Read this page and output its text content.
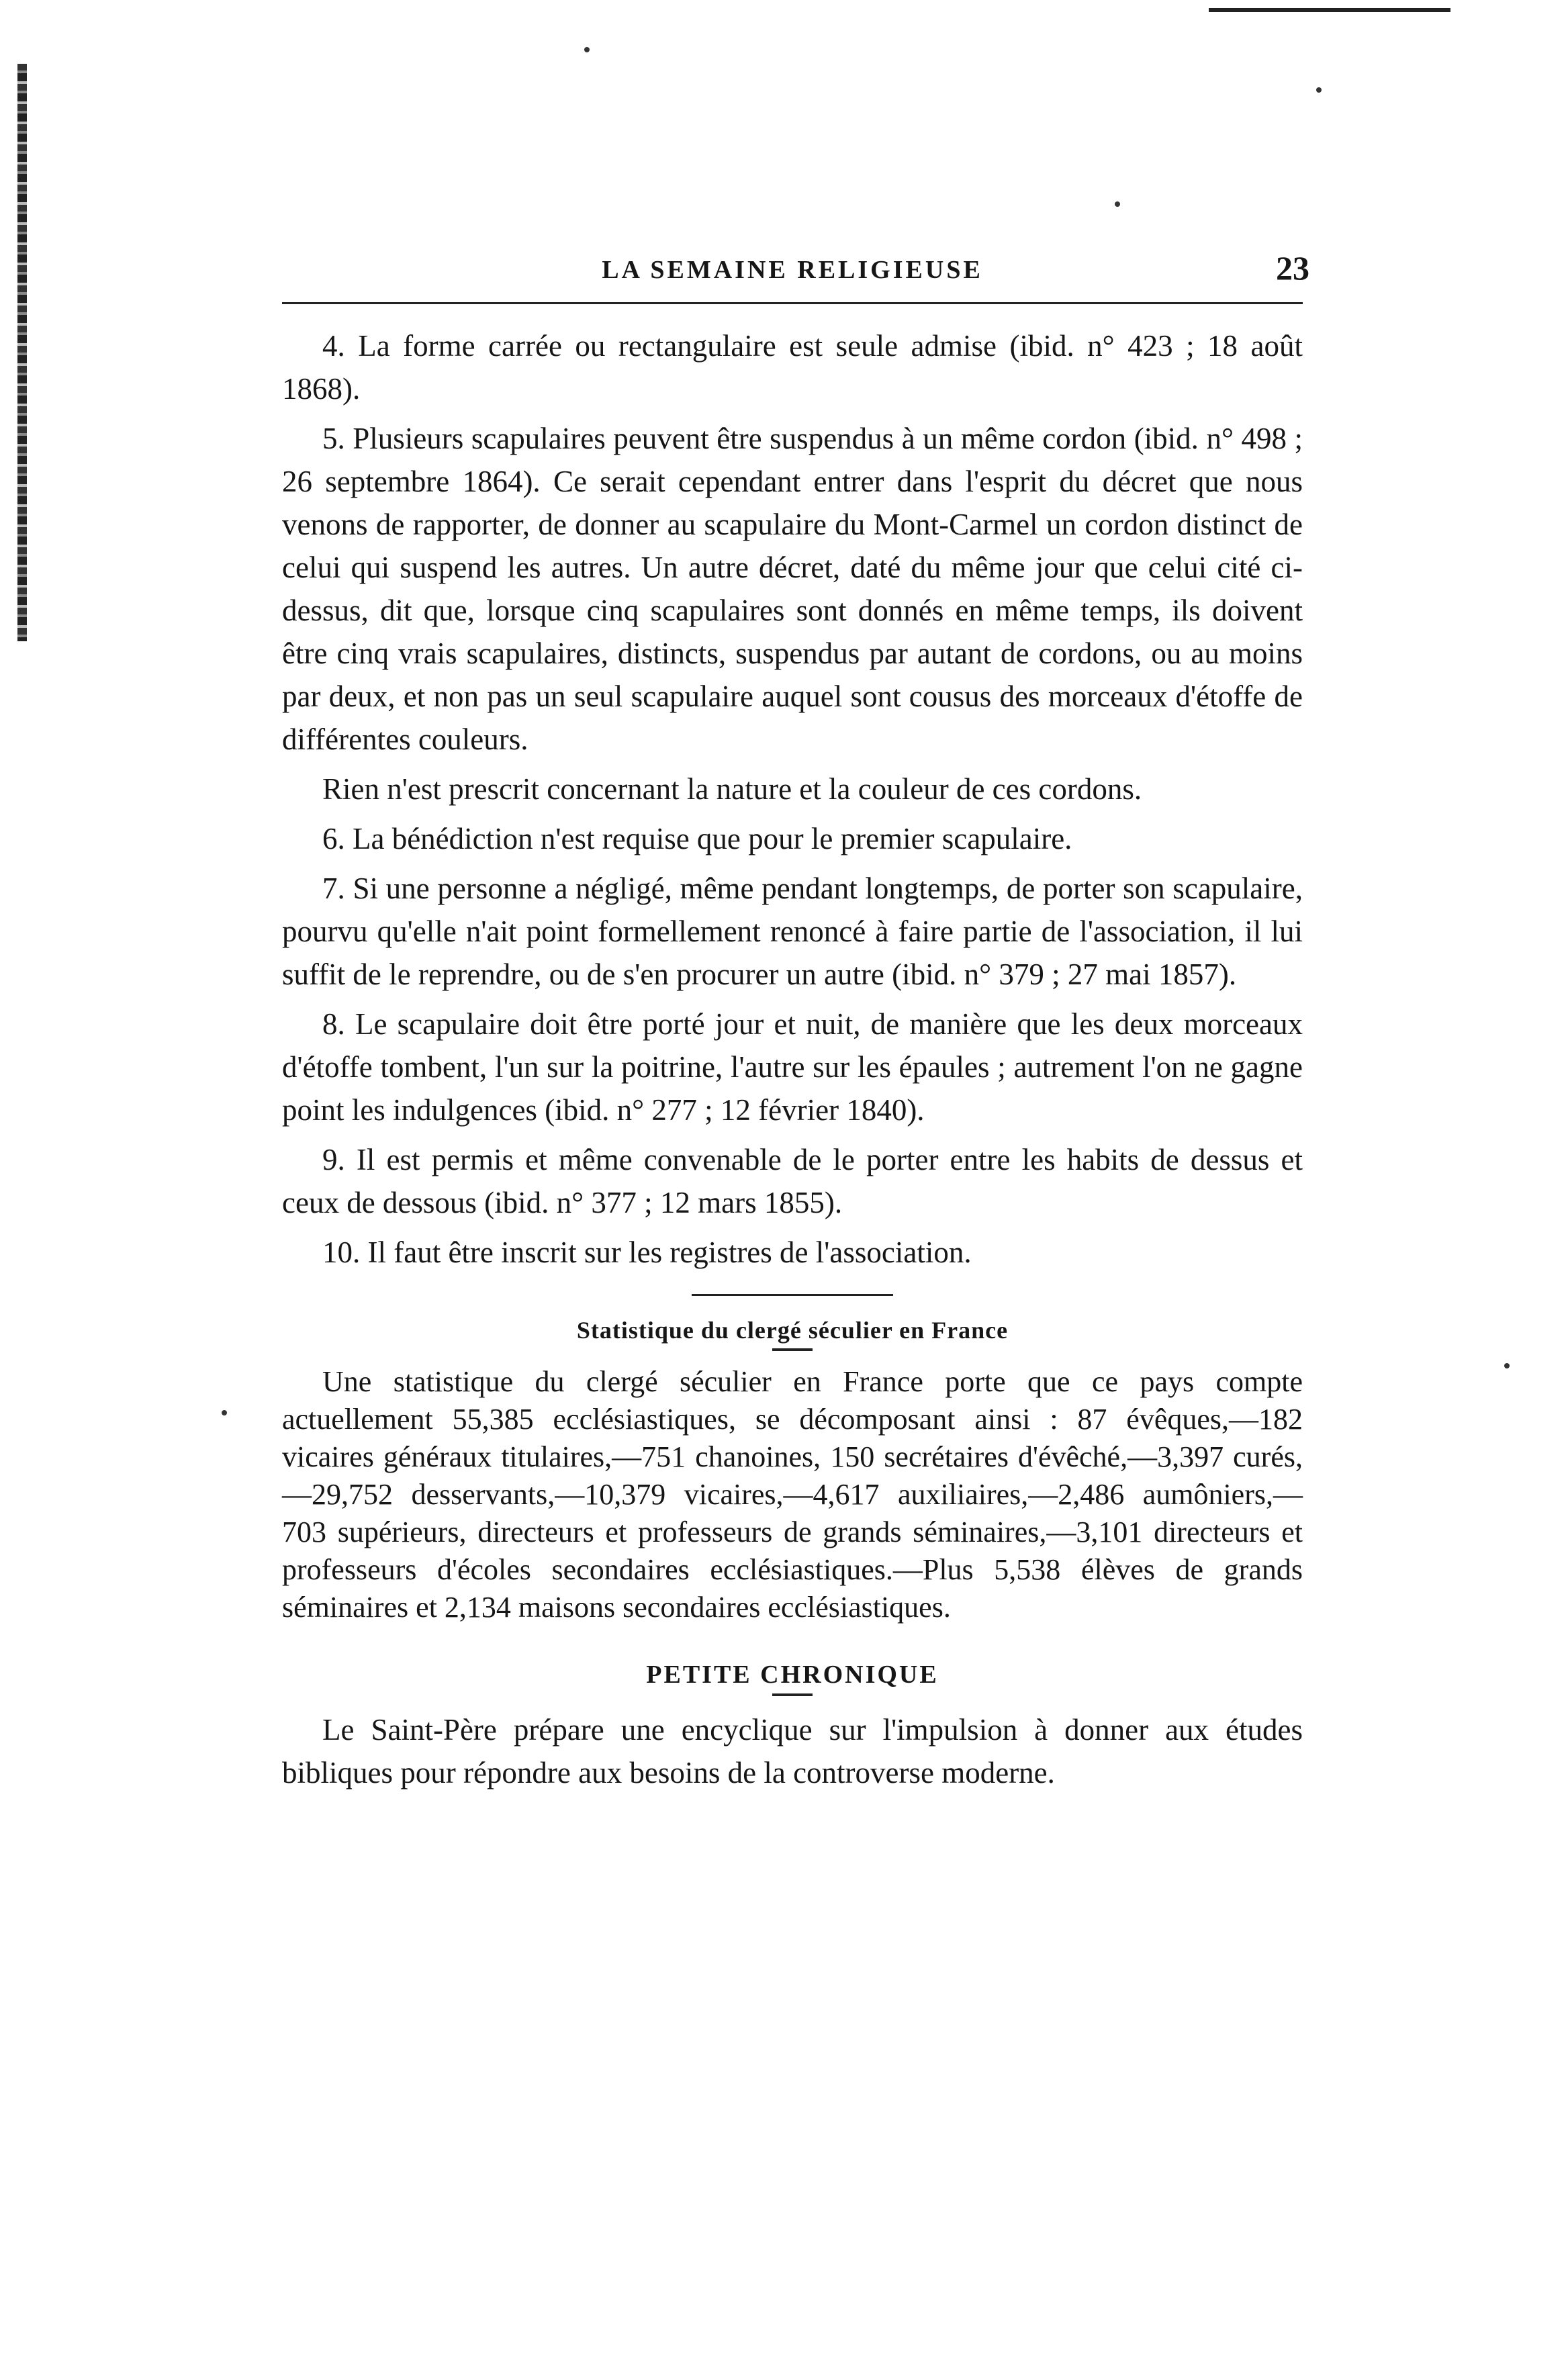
LA SEMAINE RELIGIEUSE	23

4. La forme carrée ou rectangulaire est seule admise (ibid. n° 423 ; 18 août 1868).

5. Plusieurs scapulaires peuvent être suspendus à un même cordon (ibid. n° 498 ; 26 septembre 1864). Ce serait cependant entrer dans l'esprit du décret que nous venons de rapporter, de donner au scapulaire du Mont-Carmel un cordon distinct de celui qui suspend les autres. Un autre décret, daté du même jour que celui cité ci-dessus, dit que, lorsque cinq scapulaires sont donnés en même temps, ils doivent être cinq vrais scapulaires, distincts, suspendus par autant de cordons, ou au moins par deux, et non pas un seul scapulaire auquel sont cousus des morceaux d'étoffe de différentes couleurs.

Rien n'est prescrit concernant la nature et la couleur de ces cordons.

6. La bénédiction n'est requise que pour le premier scapulaire.

7. Si une personne a négligé, même pendant longtemps, de porter son scapulaire, pourvu qu'elle n'ait point formellement renoncé à faire partie de l'association, il lui suffit de le reprendre, ou de s'en procurer un autre (ibid. n° 379 ; 27 mai 1857).

8. Le scapulaire doit être porté jour et nuit, de manière que les deux morceaux d'étoffe tombent, l'un sur la poitrine, l'autre sur les épaules ; autrement l'on ne gagne point les indulgences (ibid. n° 277 ; 12 février 1840).

9. Il est permis et même convenable de le porter entre les habits de dessus et ceux de dessous (ibid. n° 377 ; 12 mars 1855).

10. Il faut être inscrit sur les registres de l'association.

Statistique du clergé séculier en France

Une statistique du clergé séculier en France porte que ce pays compte actuellement 55,385 ecclésiastiques, se décomposant ainsi : 87 évêques,—182 vicaires généraux titulaires,—751 chanoines, 150 secrétaires d'évêché,—3,397 curés,—29,752 desservants,—10,379 vicaires,—4,617 auxiliaires,—2,486 aumôniers,—703 supérieurs, directeurs et professeurs de grands séminaires,—3,101 directeurs et professeurs d'écoles secondaires ecclésiastiques.—Plus 5,538 élèves de grands séminaires et 2,134 maisons secondaires ecclésiastiques.

PETITE CHRONIQUE

Le Saint-Père prépare une encyclique sur l'impulsion à donner aux études bibliques pour répondre aux besoins de la controverse moderne.
